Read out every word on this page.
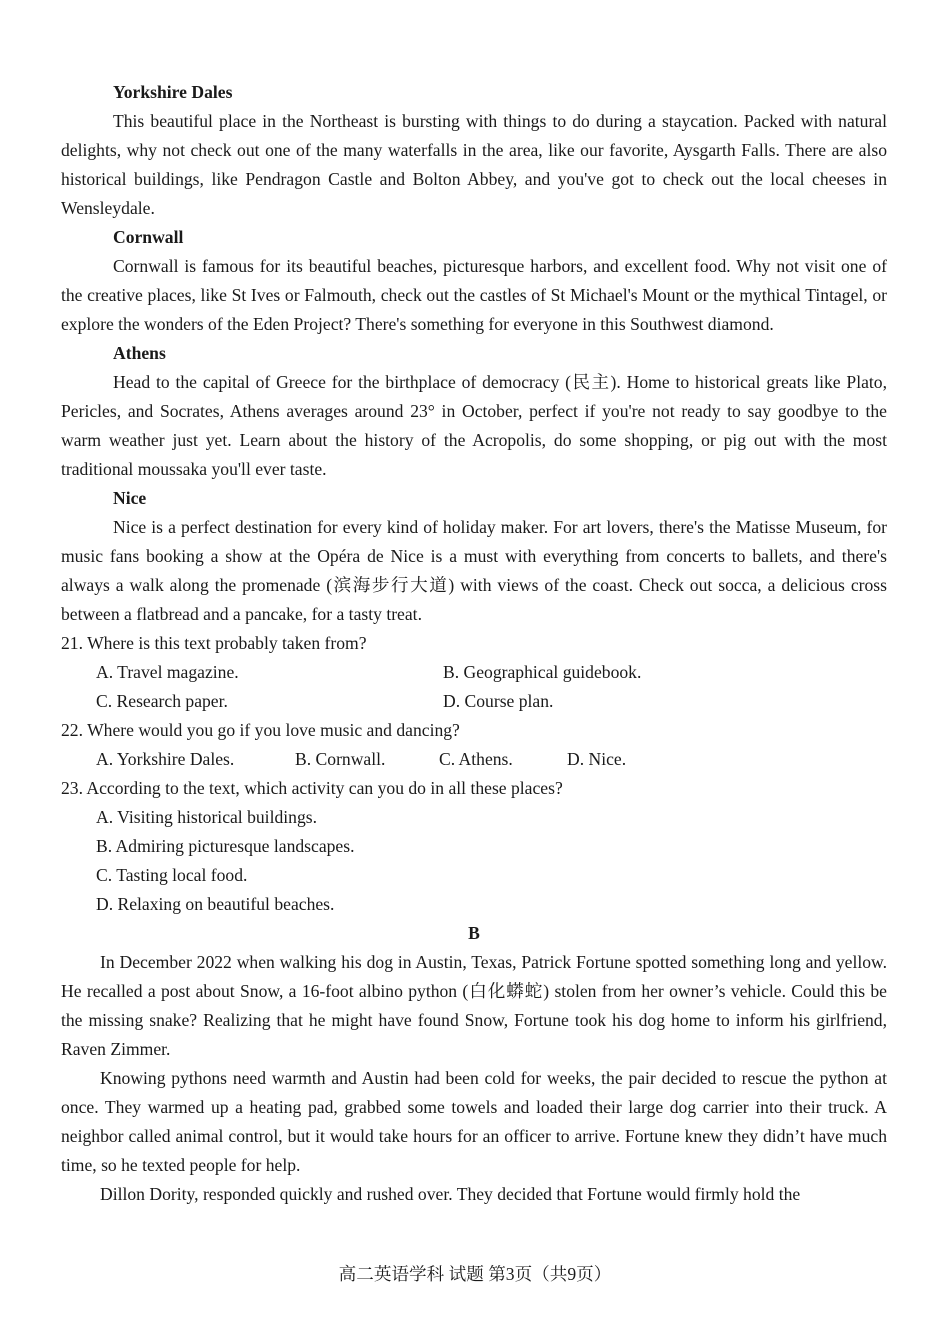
Yorkshire Dales

This beautiful place in the Northeast is bursting with things to do during a staycation. Packed with natural delights, why not check out one of the many waterfalls in the area, like our favorite, Aysgarth Falls. There are also historical buildings, like Pendragon Castle and Bolton Abbey, and you've got to check out the local cheeses in Wensleydale.

Cornwall

Cornwall is famous for its beautiful beaches, picturesque harbors, and excellent food. Why not visit one of the creative places, like St Ives or Falmouth, check out the castles of St Michael's Mount or the mythical Tintagel, or explore the wonders of the Eden Project? There's something for everyone in this Southwest diamond.

Athens

Head to the capital of Greece for the birthplace of democracy (民主). Home to historical greats like Plato, Pericles, and Socrates, Athens averages around 23° in October, perfect if you're not ready to say goodbye to the warm weather just yet. Learn about the history of the Acropolis, do some shopping, or pig out with the most traditional moussaka you'll ever taste.

Nice

Nice is a perfect destination for every kind of holiday maker. For art lovers, there's the Matisse Museum, for music fans booking a show at the Opéra de Nice is a must with everything from concerts to ballets, and there's always a walk along the promenade (滨海步行大道) with views of the coast. Check out socca, a delicious cross between a flatbread and a pancake, for a tasty treat.

21. Where is this text probably taken from?

A. Travel magazine.	B. Geographical guidebook.
C. Research paper.	D. Course plan.

22. Where would you go if you love music and dancing?

A. Yorkshire Dales.	B. Cornwall.	C. Athens.	D. Nice.

23. According to the text, which activity can you do in all these places?

A. Visiting historical buildings.
B. Admiring picturesque landscapes.
C. Tasting local food.
D. Relaxing on beautiful beaches.

B

In December 2022 when walking his dog in Austin, Texas, Patrick Fortune spotted something long and yellow. He recalled a post about Snow, a 16-foot albino python (白化蟒蛇) stolen from her owner’s vehicle. Could this be the missing snake? Realizing that he might have found Snow, Fortune took his dog home to inform his girlfriend, Raven Zimmer.

Knowing pythons need warmth and Austin had been cold for weeks, the pair decided to rescue the python at once. They warmed up a heating pad, grabbed some towels and loaded their large dog carrier into their truck. A neighbor called animal control, but it would take hours for an officer to arrive. Fortune knew they didn’t have much time, so he texted people for help.

Dillon Dority, responded quickly and rushed over. They decided that Fortune would firmly hold the

高二英语学科 试题 第3页（共9页）
